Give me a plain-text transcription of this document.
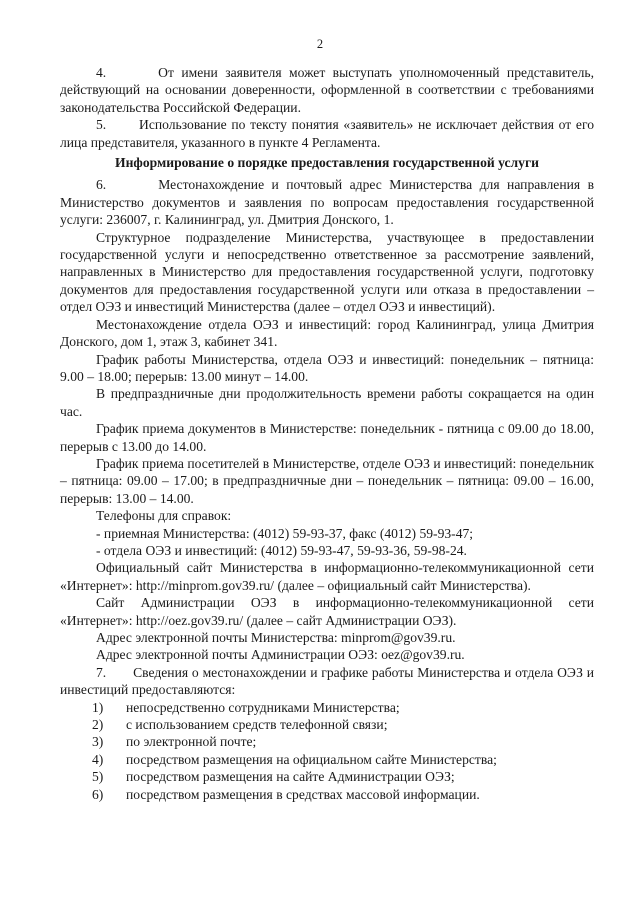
2

4.       От имени заявителя может выступать уполномоченный представитель, действующий на основании доверенности, оформленной в соответствии с требованиями законодательства Российской Федерации.

5.       Использование по тексту понятия «заявитель» не исключает действия от его лица представителя, указанного в пункте 4 Регламента.

Информирование о порядке предоставления государственной услуги

6.       Местонахождение и почтовый адрес Министерства для направления в Министерство документов и заявления по вопросам предоставления государственной услуги: 236007, г. Калининград, ул. Дмитрия Донского, 1.

Структурное подразделение Министерства, участвующее в предоставлении государственной услуги и непосредственно ответственное за рассмотрение заявлений, направленных в Министерство для предоставления государственной услуги, подготовку документов для предоставления государственной услуги или отказа в предоставлении – отдел ОЭЗ и инвестиций Министерства (далее – отдел ОЭЗ и инвестиций).

Местонахождение отдела ОЭЗ и инвестиций: город Калининград, улица Дмитрия Донского, дом 1, этаж 3, кабинет 341.

График работы Министерства, отдела ОЭЗ и инвестиций: понедельник – пятница: 9.00 – 18.00; перерыв: 13.00 минут – 14.00.

В предпраздничные дни продолжительность времени работы сокращается на один час.

График приема документов в Министерстве: понедельник - пятница с 09.00 до 18.00, перерыв с 13.00 до 14.00.

График приема посетителей в Министерстве, отделе ОЭЗ и инвестиций: понедельник – пятница: 09.00 – 17.00; в предпраздничные дни – понедельник – пятница: 09.00 – 16.00, перерыв: 13.00 – 14.00.

Телефоны для справок:

- приемная Министерства: (4012) 59-93-37, факс (4012) 59-93-47;

- отдела ОЭЗ и инвестиций: (4012) 59-93-47, 59-93-36, 59-98-24.

Официальный сайт Министерства в информационно-телекоммуникационной сети «Интернет»: http://minprom.gov39.ru/ (далее – официальный сайт Министерства).

Сайт Администрации ОЭЗ в информационно-телекоммуникационной сети «Интернет»: http://oez.gov39.ru/ (далее – сайт Администрации ОЭЗ).

Адрес электронной почты Министерства: minprom@gov39.ru.

Адрес электронной почты Администрации ОЭЗ: oez@gov39.ru.

7.       Сведения о местонахождении и графике работы Министерства и отдела ОЭЗ и инвестиций предоставляются:

1)	непосредственно сотрудниками Министерства;

2)	с использованием средств телефонной связи;

3)	по электронной почте;

4)	посредством размещения на официальном сайте Министерства;

5)	посредством размещения на сайте Администрации ОЭЗ;

6)	посредством размещения в средствах массовой информации.
